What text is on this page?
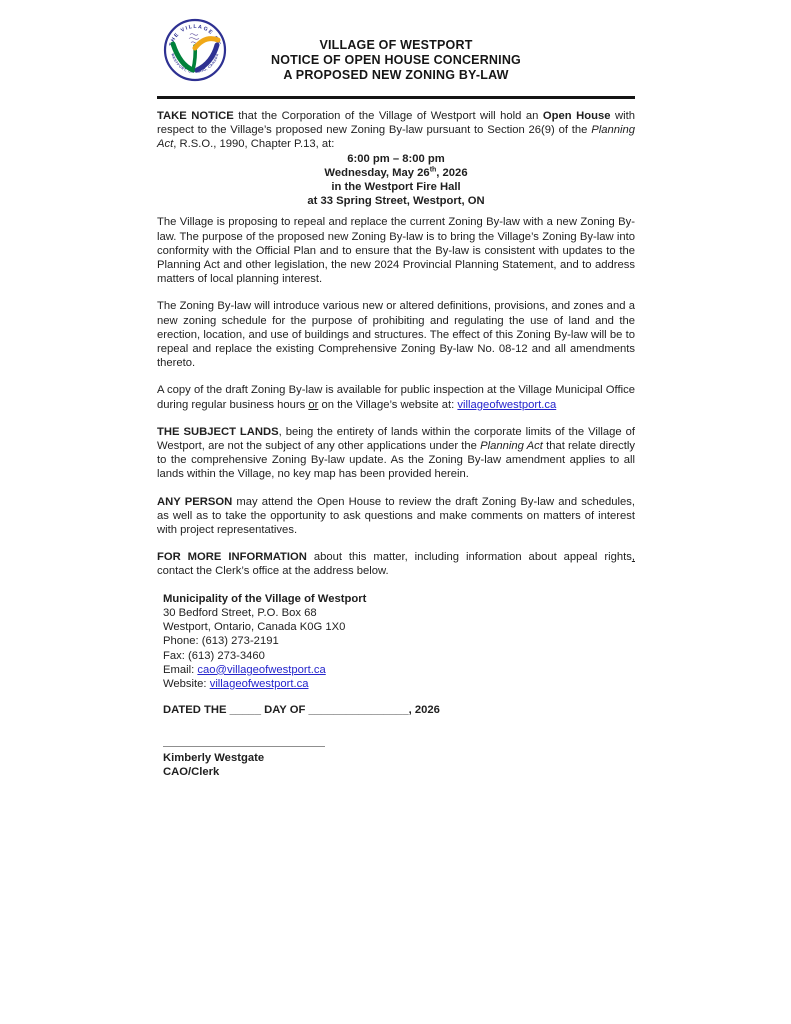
THE VILLAGE OF
WESTPORT, ONTARIO, CANADA
VILLAGE OF WESTPORT
NOTICE OF OPEN HOUSE CONCERNING
A PROPOSED NEW ZONING BY-LAW

TAKE NOTICE that the Corporation of the Village of Westport will hold an Open House with respect to the Village’s proposed new Zoning By-law pursuant to Section 26(9) of the Planning Act, R.S.O., 1990, Chapter P.13, at:

6:00 pm – 8:00 pm
Wednesday, May 26th, 2026
in the Westport Fire Hall
at 33 Spring Street, Westport, ON

The Village is proposing to repeal and replace the current Zoning By-law with a new Zoning By-law. The purpose of the proposed new Zoning By-law is to bring the Village’s Zoning By-law into conformity with the Official Plan and to ensure that the By-law is consistent with updates to the Planning Act and other legislation, the new 2024 Provincial Planning Statement, and to address matters of local planning interest.

The Zoning By-law will introduce various new or altered definitions, provisions, and zones and a new zoning schedule for the purpose of prohibiting and regulating the use of land and the erection, location, and use of buildings and structures. The effect of this Zoning By-law will be to repeal and replace the existing Comprehensive Zoning By-law No. 08-12 and all amendments thereto.

A copy of the draft Zoning By-law is available for public inspection at the Village Municipal Office during regular business hours or on the Village’s website at: villageofwestport.ca

THE SUBJECT LANDS, being the entirety of lands within the corporate limits of the Village of Westport, are not the subject of any other applications under the Planning Act that relate directly to the comprehensive Zoning By-law update. As the Zoning By-law amendment applies to all lands within the Village, no key map has been provided herein.

ANY PERSON may attend the Open House to review the draft Zoning By-law and schedules, as well as to take the opportunity to ask questions and make comments on matters of interest with project representatives.

FOR MORE INFORMATION about this matter, including information about appeal rights, contact the Clerk’s office at the address below.

Municipality of the Village of Westport
30 Bedford Street, P.O. Box 68
Westport, Ontario, Canada K0G 1X0
Phone: (613) 273-2191
Fax: (613) 273-3460
Email: cao@villageofwestport.ca
Website: villageofwestport.ca

DATED THE _____ DAY OF ________________, 2026

Kimberly Westgate
CAO/Clerk
